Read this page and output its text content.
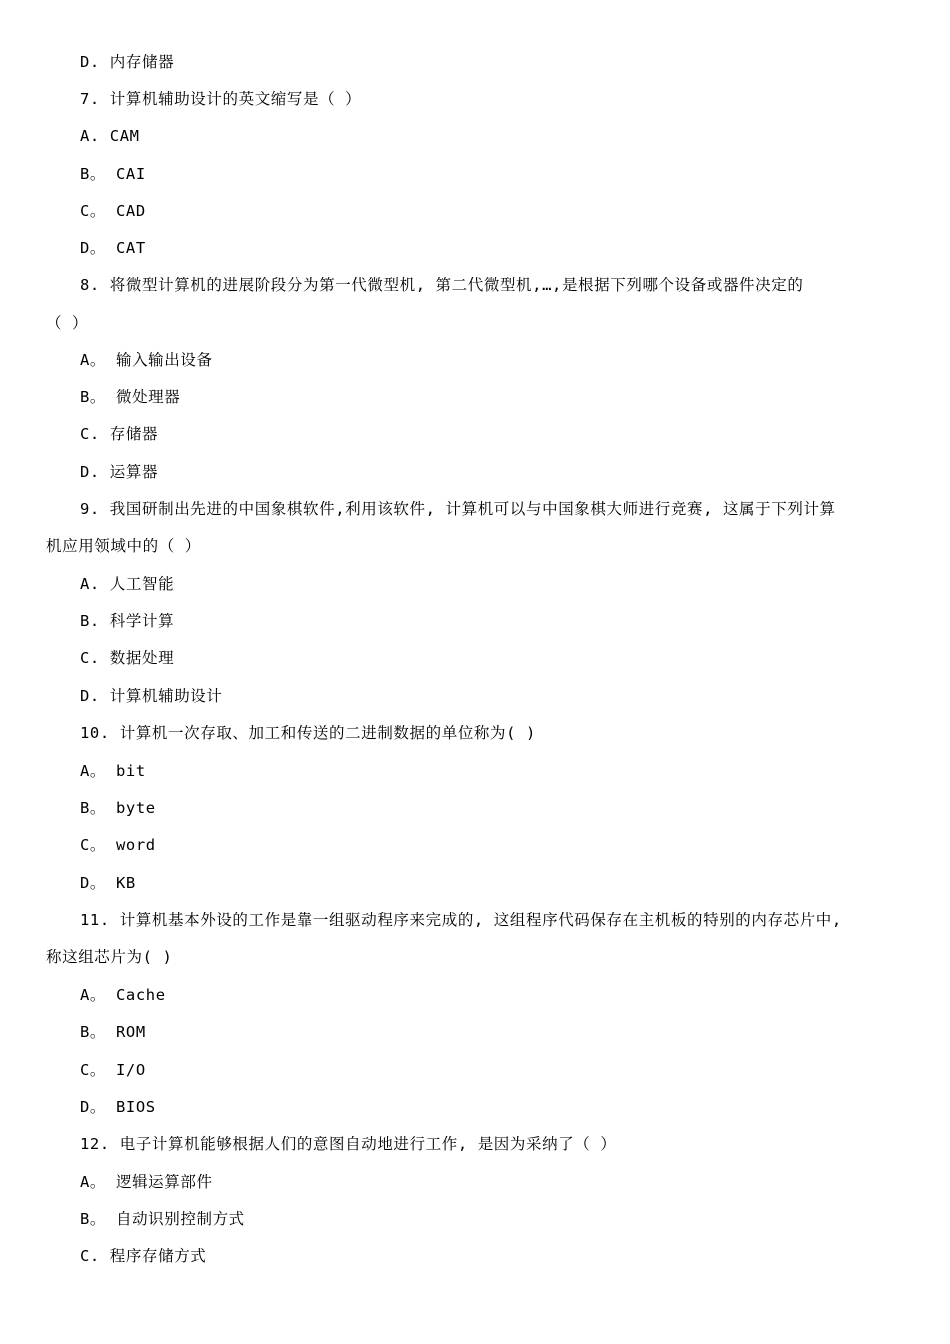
D. 内存储器
7. 计算机辅助设计的英文缩写是（ ）
A. CAM
B。 CAI
C。 CAD
D。 CAT
8. 将微型计算机的进展阶段分为第一代微型机, 第二代微型机,…,是根据下列哪个设备或器件决定的
（ ）
A。 输入输出设备
B。 微处理器
C. 存储器
D. 运算器
9. 我国研制出先进的中国象棋软件,利用该软件, 计算机可以与中国象棋大师进行竞赛, 这属于下列计算
机应用领域中的（ ）
A. 人工智能
B. 科学计算
C. 数据处理
D. 计算机辅助设计
10. 计算机一次存取、加工和传送的二进制数据的单位称为( )
A。 bit
B。 byte
C。 word
D。 KB
11. 计算机基本外设的工作是靠一组驱动程序来完成的, 这组程序代码保存在主机板的特别的内存芯片中,
称这组芯片为( )
A。 Cache
B。 ROM
C。 I/O
D。 BIOS
12. 电子计算机能够根据人们的意图自动地进行工作, 是因为采纳了（ ）
A。 逻辑运算部件
B。 自动识别控制方式
C. 程序存储方式
